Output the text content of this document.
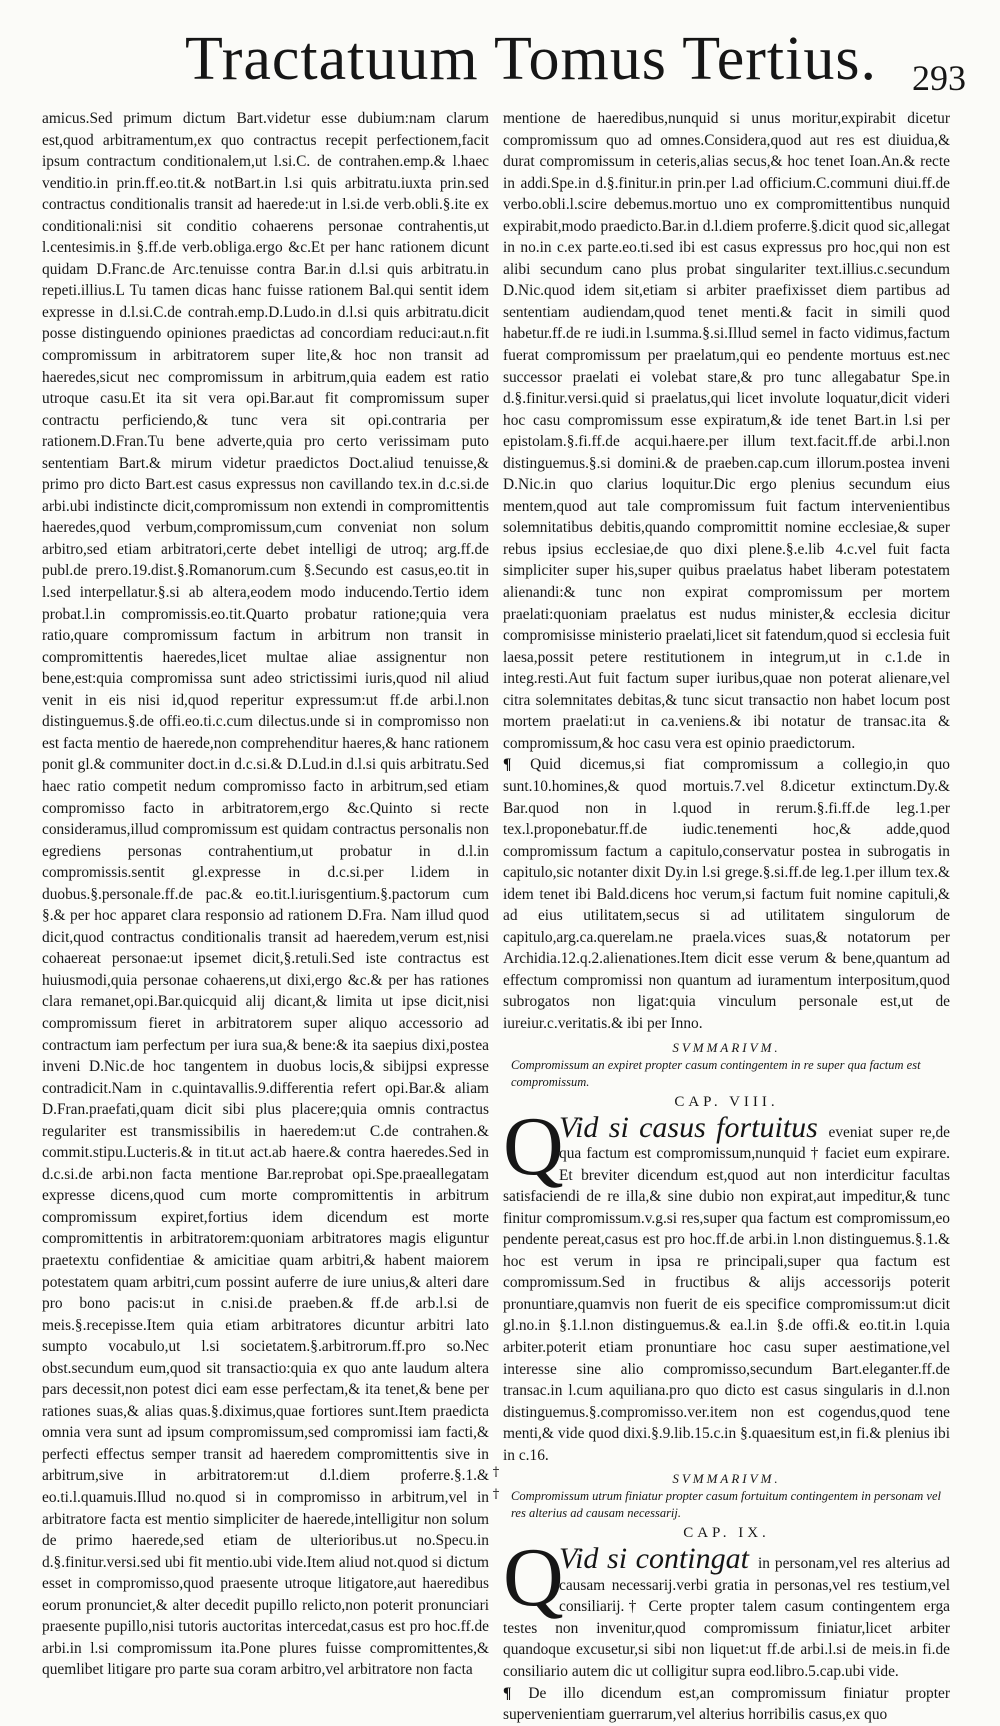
Tractatuum Tomus Tertius. 293

amicus.Sed primum dictum Bart.videtur esse dubium:nam clarum est,quod arbitramentum,ex quo contractus recepit perfectionem,facit ipsum contractum conditionalem,ut l.si.C. de contrahen.emp.& l.haec venditio.in prin.ff.eo.tit.& notBart.in l.si quis arbitratu.iuxta prin.sed contractus conditionalis transit ad haerede:ut in l.si.de verb.obli.§.ite ex conditionali:nisi sit conditio cohaerens personae contrahentis,ut l.centesimis.in §.ff.de verb.obliga.ergo &c.Et per hanc rationem dicunt quidam D.Franc.de Arc.tenuisse contra Bar.in d.l.si quis arbitratu.in repeti.illius.L Tu tamen dicas hanc fuisse rationem Bal.qui sentit idem expresse in d.l.si.C.de contrah.emp.D.Ludo.in d.l.si quis arbitratu.dicit posse distinguendo opiniones praedictas ad concordiam reduci:aut.n.fit compromissum in arbitratorem super lite,& hoc non transit ad haeredes,sicut nec compromissum in arbitrum,quia eadem est ratio utroque casu.Et ita sit vera opi.Bar.aut fit compromissum super contractu perficiendo,& tunc vera sit opi.contraria per rationem.D.Fran.Tu bene adverte,quia pro certo verissimam puto sententiam Bart.& mirum videtur praedictos Doct.aliud tenuisse,& primo pro dicto Bart.est casus expressus non cavillando tex.in d.c.si.de arbi.ubi indistincte dicit,compromissum non extendi in compromittentis haeredes,quod verbum,compromissum,cum conveniat non solum arbitro,sed etiam arbitratori,certe debet intelligi de utroq; arg.ff.de publ.de prero.19.dist.§.Romanorum.cum §.Secundo est casus,eo.tit in l.sed interpellatur.§.si ab altera,eodem modo inducendo.Tertio idem probat.l.in compromissis.eo.tit.Quarto probatur ratione;quia vera ratio,quare compromissum factum in arbitrum non transit in compromittentis haeredes,licet multae aliae assignentur non bene,est:quia compromissa sunt adeo strictissimi iuris,quod nil aliud venit in eis nisi id,quod reperitur expressum:ut ff.de arbi.l.non distinguemus.§.de offi.eo.ti.c.cum dilectus.unde si in compromisso non est facta mentio de haerede,non comprehenditur haeres,& hanc rationem ponit gl.& communiter doct.in d.c.si.& D.Lud.in d.l.si quis arbitratu.Sed haec ratio competit nedum compromisso facto in arbitrum,sed etiam compromisso facto in arbitratorem,ergo &c.Quinto si recte consideramus,illud compromissum est quidam contractus personalis non egrediens personas contrahentium,ut probatur in d.l.in compromissis.sentit gl.expresse in d.c.si.per l.idem in duobus.§.personale.ff.de pac.& eo.tit.l.iurisgentium.§.pactorum cum §.& per hoc apparet clara responsio ad rationem D.Fra. Nam illud quod dicit,quod contractus conditionalis transit ad haeredem,verum est,nisi cohaereat personae:ut ipsemet dicit,§.retuli.Sed iste contractus est huiusmodi,quia personae cohaerens,ut dixi,ergo &c.& per has rationes clara remanet,opi.Bar.quicquid alij dicant,& limita ut ipse dicit,nisi compromissum fieret in arbitratorem super aliquo accessorio ad contractum iam perfectum per iura sua,& bene:& ita saepius dixi,postea inveni D.Nic.de hoc tangentem in duobus locis,& sibijpsi expresse contradicit.Nam in c.quintavallis.9.differentia refert opi.Bar.& aliam D.Fran.praefati,quam dicit sibi plus placere;quia omnis contractus regulariter est transmissibilis in haeredem:ut C.de contrahen.& commit.stipu.Lucteris.& in tit.ut act.ab haere.& contra haeredes.Sed in d.c.si.de arbi.non facta mentione Bar.reprobat opi.Spe.praeallegatam expresse dicens,quod cum morte compromittentis in arbitrum compromissum expiret,fortius idem dicendum est morte compromittentis in arbitratorem:quoniam arbitratores magis eliguntur praetextu confidentiae & amicitiae quam arbitri,& habent maiorem potestatem quam arbitri,cum possint auferre de iure unius,& alteri dare pro bono pacis:ut in c.nisi.de praeben.& ff.de arb.l.si de meis.§.recepisse.Item quia etiam arbitratores dicuntur arbitri lato sumpto vocabulo,ut l.si societatem.§.arbitrorum.ff.pro so.Nec obst.secundum eum,quod sit transactio:quia ex quo ante laudum altera pars decessit,non potest dici eam esse perfectam,& ita tenet,& bene per rationes suas,& alias quas.§.diximus,quae fortiores sunt.Item praedicta omnia vera sunt ad ipsum compromissum,sed compromissi iam facti,& perfecti effectus semper transit ad haeredem compromittentis sive in arbitrum,sive in arbitratorem:ut d.l.diem proferre.§.1.& eo.ti.l.quamuis.Illud no.quod si in compromisso in arbitrum,vel in arbitratore facta est mentio simpliciter de haerede,intelligitur non solum de primo haerede,sed etiam de ulterioribus.ut no.Specu.in d.§.finitur.versi.sed ubi fit mentio.ubi vide.Item aliud not.quod si dictum esset in compromisso,quod praesente utroque litigatore,aut haeredibus eorum pronunciet,& alter decedit pupillo relicto,non poterit pronunciari praesente pupillo,nisi tutoris auctoritas intercedat,casus est pro hoc.ff.de arbi.in l.si compromissum ita.Pone plures fuisse compromittentes,& quemlibet litigare pro parte sua coram arbitro,vel arbitratore non facta

†
†

mentione de haeredibus,nunquid si unus moritur,expirabit dicetur compromissum quo ad omnes.Considera,quod aut res est diuidua,& durat compromissum in ceteris,alias secus,& hoc tenet Ioan.An.& recte in addi.Spe.in d.§.finitur.in prin.per l.ad officium.C.communi diui.ff.de verbo.obli.l.scire debemus.mortuo uno ex compromittentibus nunquid expirabit,modo praedicto.Bar.in d.l.diem proferre.§.dicit quod sic,allegat in no.in c.ex parte.eo.ti.sed ibi est casus expressus pro hoc,qui non est alibi secundum cano plus probat singulariter text.illius.c.secundum D.Nic.quod idem sit,etiam si arbiter praefixisset diem partibus ad sententiam audiendam,quod tenet menti.& facit in simili quod habetur.ff.de re iudi.in l.summa.§.si.Illud semel in facto vidimus,factum fuerat compromissum per praelatum,qui eo pendente mortuus est.nec successor praelati ei volebat stare,& pro tunc allegabatur Spe.in d.§.finitur.versi.quid si praelatus,qui licet involute loquatur,dicit videri hoc casu compromissum esse expiratum,& ide tenet Bart.in l.si per epistolam.§.fi.ff.de acqui.haere.per illum text.facit.ff.de arbi.l.non distinguemus.§.si domini.& de praeben.cap.cum illorum.postea inveni D.Nic.in quo clarius loquitur.Dic ergo plenius secundum eius mentem,quod aut tale compromissum fuit factum intervenientibus solemnitatibus debitis,quando compromittit nomine ecclesiae,& super rebus ipsius ecclesiae,de quo dixi plene.§.e.lib 4.c.vel fuit facta simpliciter super his,super quibus praelatus habet liberam potestatem alienandi:& tunc non expirat compromissum per mortem praelati:quoniam praelatus est nudus minister,& ecclesia dicitur compromisisse ministerio praelati,licet sit fatendum,quod si ecclesia fuit laesa,possit petere restitutionem in integrum,ut in c.1.de in integ.resti.Aut fuit factum super iuribus,quae non poterat alienare,vel citra solemnitates debitas,& tunc sicut transactio non habet locum post mortem praelati:ut in ca.veniens.& ibi notatur de transac.ita & compromissum,& hoc casu vera est opinio praedictorum.

¶ Quid dicemus,si fiat compromissum a collegio,in quo sunt.10.homines,& quod mortuis.7.vel 8.dicetur extinctum.Dy.& Bar.quod non in l.quod in rerum.§.fi.ff.de leg.1.per tex.l.proponebatur.ff.de iudic.tenementi hoc,& adde,quod compromissum factum a capitulo,conservatur postea in subrogatis in capitulo,sic notanter dixit Dy.in l.si grege.§.si.ff.de leg.1.per illum tex.& idem tenet ibi Bald.dicens hoc verum,si factum fuit nomine capituli,& ad eius utilitatem,secus si ad utilitatem singulorum de capitulo,arg.ca.querelam.ne praela.vices suas,& notatorum per Archidia.12.q.2.alienationes.Item dicit esse verum & bene,quantum ad effectum compromissi non quantum ad iuramentum interpositum,quod subrogatos non ligat:quia vinculum personale est,ut de iureiur.c.veritatis.& ibi per Inno.

SVMMARIVM.
Compromissum an expiret propter casum contingentem in re super qua factum est compromissum.
CAP. VIII.
Q
Vid si casus fortuitus eveniat super re,de qua factum est compromissum,nunquid † faciet eum expirare. Et breviter dicendum est,quod aut non interdicitur facultas satisfaciendi de re illa,& sine dubio non expirat,aut impeditur,& tunc finitur compromissum.v.g.si res,super qua factum est compromissum,eo pendente pereat,casus est pro hoc.ff.de arbi.in l.non distinguemus.§.1.& hoc est verum in ipsa re principali,super qua factum est compromissum.Sed in fructibus & alijs accessorijs poterit pronuntiare,quamvis non fuerit de eis specifice compromissum:ut dicit gl.no.in §.1.l.non distinguemus.& ea.l.in §.de offi.& eo.tit.in l.quia arbiter.poterit etiam pronuntiare hoc casu super aestimatione,vel interesse sine alio compromisso,secundum Bart.eleganter.ff.de transac.in l.cum aquiliana.pro quo dicto est casus singularis in d.l.non distinguemus.§.compromisso.ver.item non est cogendus,quod tene menti,& vide quod dixi.§.9.lib.15.c.in §.quaesitum est,in fi.& plenius ibi in c.16.
SVMMARIVM.
Compromissum utrum finiatur propter casum fortuitum contingentem in personam vel res alterius ad causam necessarij.
CAP. IX.
Q
Vid si contingat in personam,vel res alterius ad causam necessarij.verbi gratia in personas,vel res testium,vel consiliarij.† Certe propter talem casum contingentem erga testes non invenitur,quod compromissum finiatur,licet arbiter quandoque excusetur,si sibi non liquet:ut ff.de arbi.l.si de meis.in fi.de consiliario autem dic ut colligitur supra eod.libro.5.cap.ubi vide.

¶ De illo dicendum est,an compromissum finiatur propter supervenientiam guerrarum,vel alterius horribilis casus,ex quo
